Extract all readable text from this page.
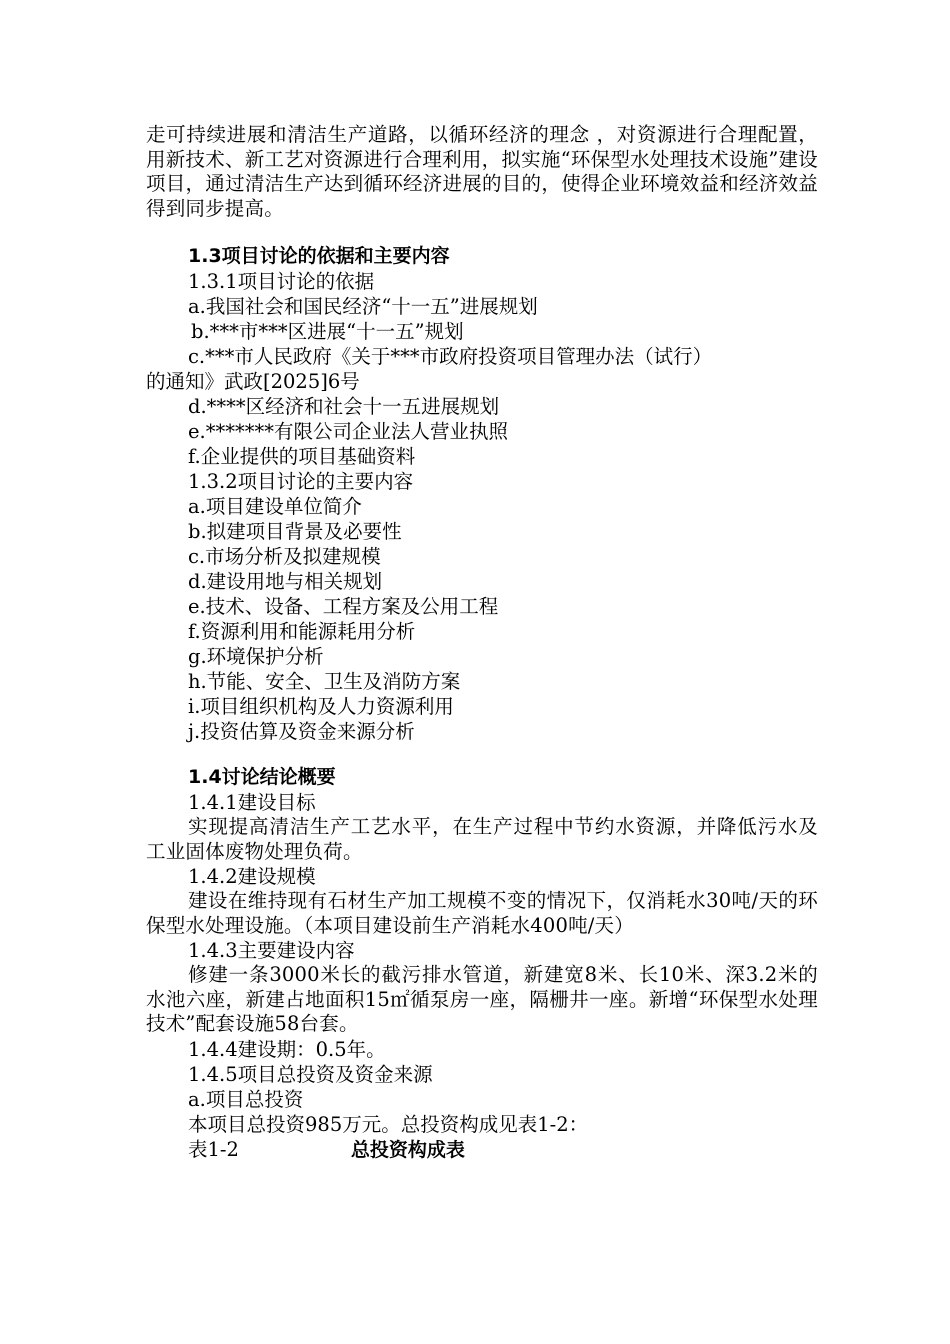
走可持续进展和清洁生产道路，以循环经济的理念 ，对资源进行合理配置，用新技术、新工艺对资源进行合理利用，拟实施“环保型水处理技术设施”建设项目，通过清洁生产达到循环经济进展的目的，使得企业环境效益和经济效益得到同步提高。

1.3项目讨论的依据和主要内容

1.3.1项目讨论的依据

a.我国社会和国民经济“十一五”进展规划

b.***市***区进展“十一五”规划

c.***市人民政府《关于***市政府投资项目管理办法（试行）

的通知》武政[2025]6号

d.****区经济和社会十一五进展规划

e.*******有限公司企业法人营业执照

f.企业提供的项目基础资料

1.3.2项目讨论的主要内容

a.项目建设单位简介

b.拟建项目背景及必要性

c.市场分析及拟建规模

d.建设用地与相关规划

e.技术、设备、工程方案及公用工程

f.资源利用和能源耗用分析

g.环境保护分析

h.节能、安全、卫生及消防方案

i.项目组织机构及人力资源利用

j.投资估算及资金来源分析

1.4讨论结论概要

1.4.1建设目标

实现提高清洁生产工艺水平，在生产过程中节约水资源，并降低污水及工业固体废物处理负荷。

1.4.2建设规模

建设在维持现有石材生产加工规模不变的情况下，仅消耗水30吨/天的环保型水处理设施。（本项目建设前生产消耗水400吨/天）

1.4.3主要建设内容

修建一条3000米长的截污排水管道，新建宽8米、长10米、深3.2米的水池六座，新建占地面积15㎡循泵房一座，隔栅井一座。新增“环保型水处理技术”配套设施58台套。

1.4.4建设期：0.5年。

1.4.5项目总投资及资金来源

a.项目总投资

本项目总投资985万元。总投资构成见表1-2：

表1-2	总投资构成表
